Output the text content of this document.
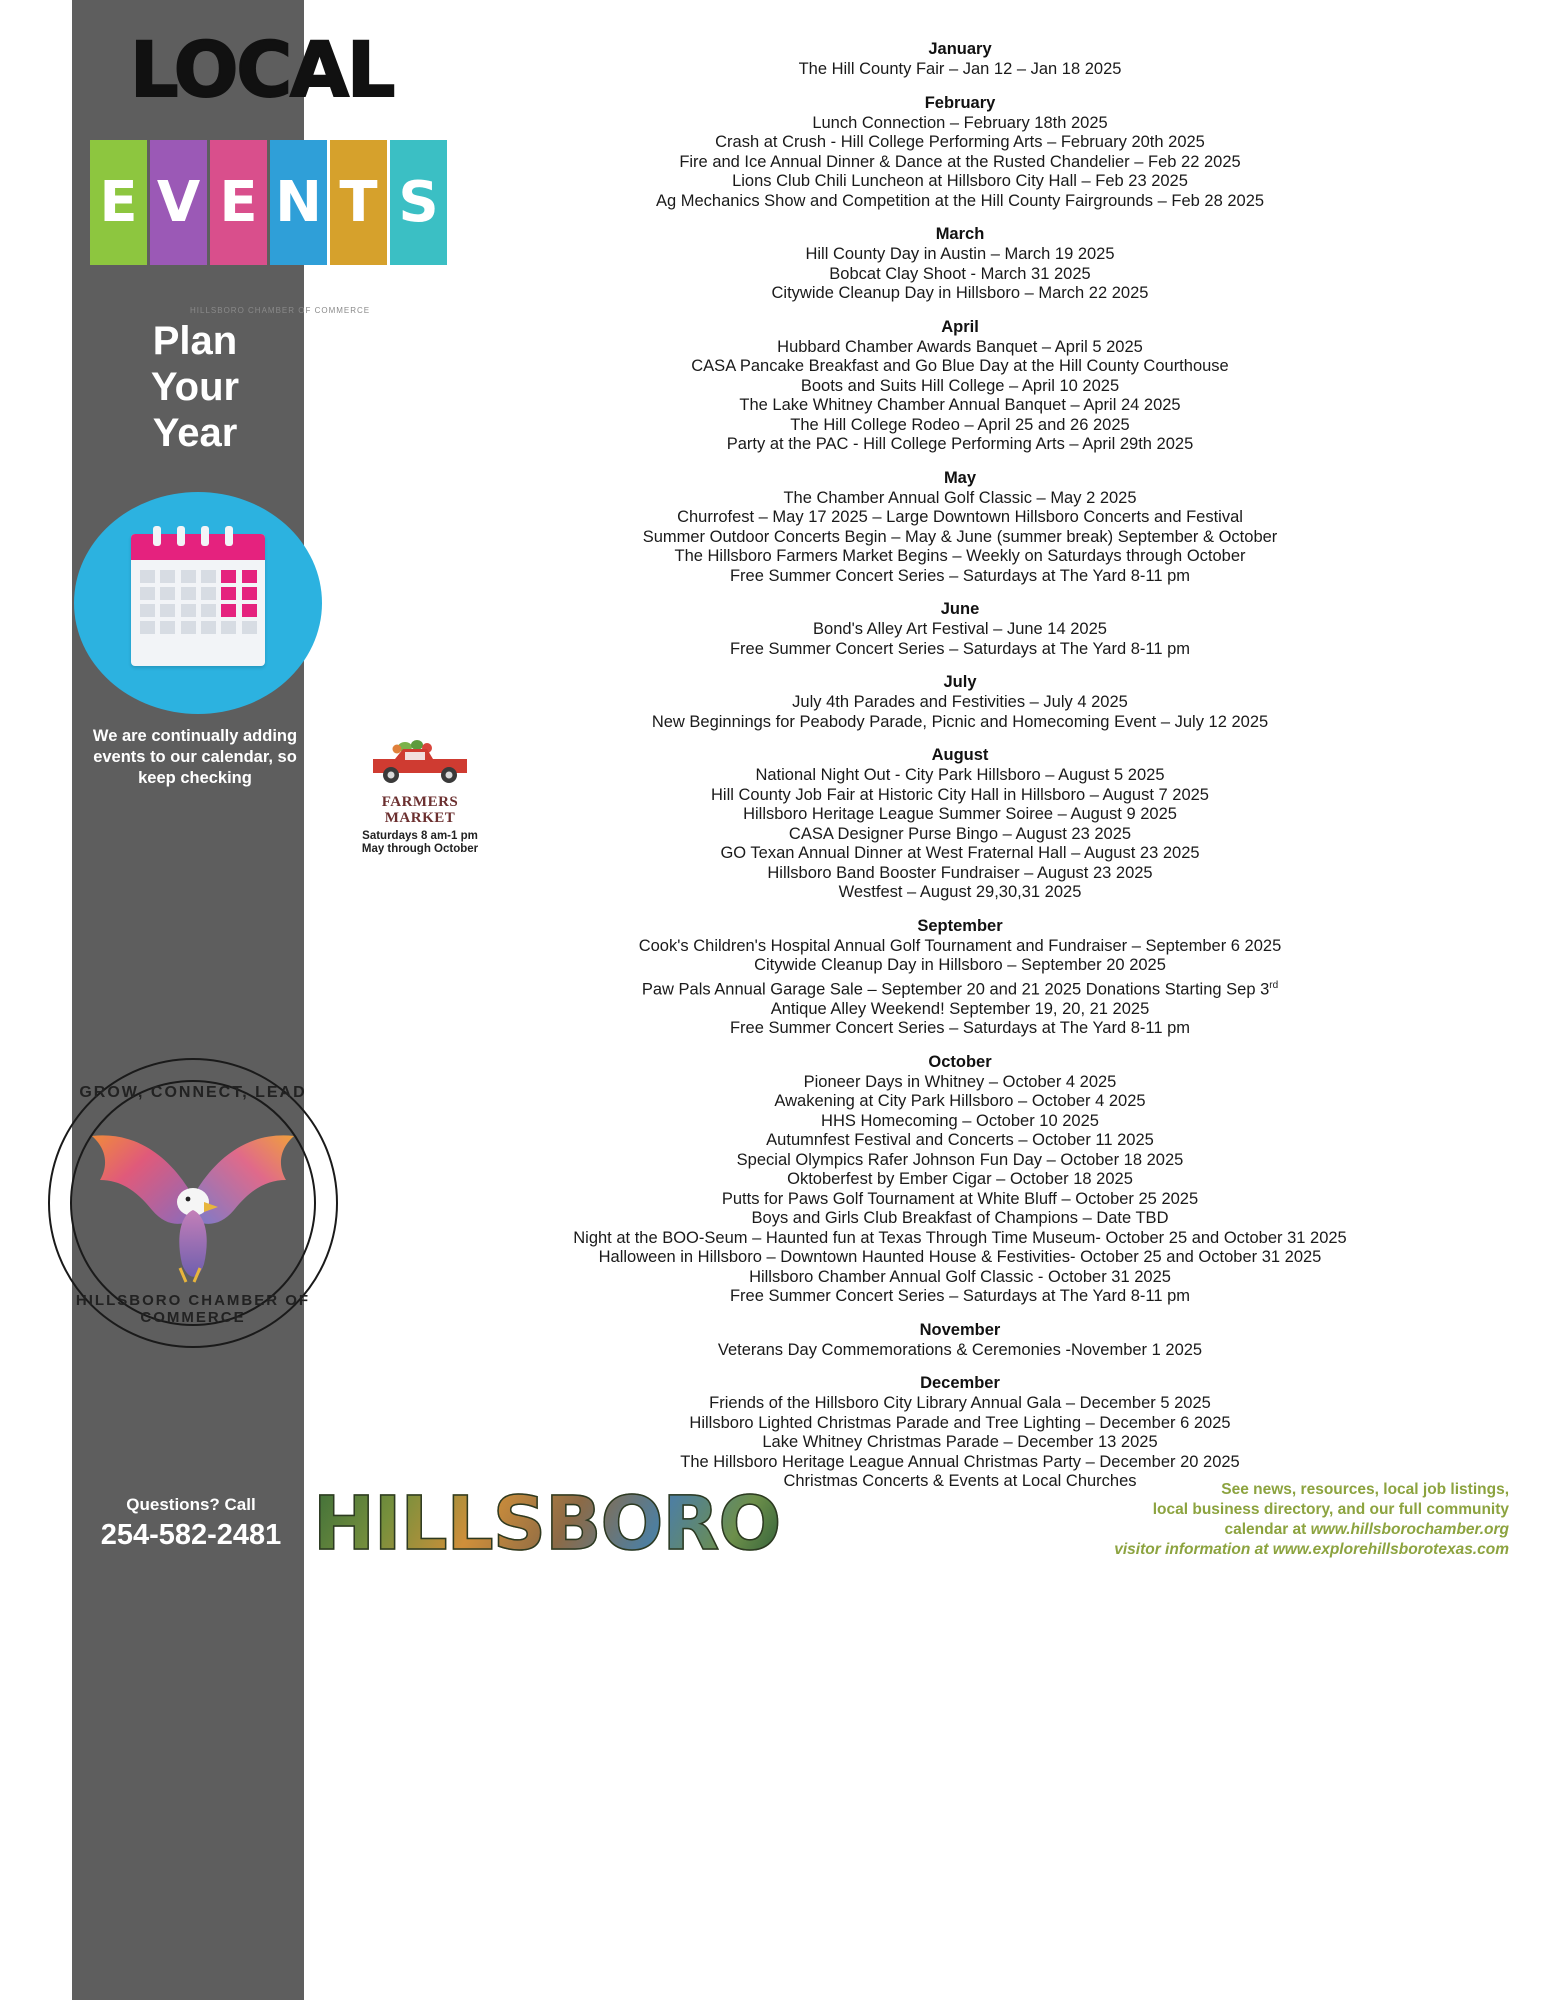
LOCAL
E V E N T S
HILLSBORO CHAMBER OF COMMERCE
Plan
Your
Year
We are continually adding events to our calendar, so keep checking
GROW, CONNECT, LEAD
HILLSBORO CHAMBER OF COMMERCE
Questions? Call
254-582-2481
FARMERS
MARKET
Saturdays 8 am-1 pm
May through October
January
The Hill County Fair – Jan 12 – Jan 18 2025
February
Lunch Connection – February 18th 2025
Crash at Crush - Hill College Performing Arts – February 20th 2025
Fire and Ice Annual Dinner & Dance at the Rusted Chandelier – Feb 22 2025
Lions Club Chili Luncheon at Hillsboro City Hall – Feb 23 2025
Ag Mechanics Show and Competition at the Hill County Fairgrounds – Feb 28 2025
March
Hill County Day in Austin – March 19 2025
Bobcat Clay Shoot - March 31 2025
Citywide Cleanup Day in Hillsboro – March 22 2025
April
Hubbard Chamber Awards Banquet – April 5 2025
CASA Pancake Breakfast and Go Blue Day at the Hill County Courthouse
Boots and Suits Hill College – April 10 2025
The Lake Whitney Chamber Annual Banquet – April 24 2025
The Hill College Rodeo – April 25 and 26 2025
Party at the PAC - Hill College Performing Arts – April 29th 2025
May
The Chamber Annual Golf Classic – May 2 2025
Churrofest – May 17 2025 – Large Downtown Hillsboro Concerts and Festival
Summer Outdoor Concerts Begin – May & June (summer break) September & October
The Hillsboro Farmers Market Begins – Weekly on Saturdays through October
Free Summer Concert Series – Saturdays at The Yard 8-11 pm
June
Bond's Alley Art Festival – June 14 2025
Free Summer Concert Series – Saturdays at The Yard 8-11 pm
July
July 4th Parades and Festivities – July 4 2025
New Beginnings for Peabody Parade, Picnic and Homecoming Event – July 12 2025
August
National Night Out - City Park Hillsboro – August 5 2025
Hill County Job Fair at Historic City Hall in Hillsboro – August 7 2025
Hillsboro Heritage League Summer Soiree – August 9 2025
CASA Designer Purse Bingo – August 23 2025
GO Texan Annual Dinner at West Fraternal Hall – August 23 2025
Hillsboro Band Booster Fundraiser – August 23 2025
Westfest – August 29,30,31 2025
September
Cook's Children's Hospital Annual Golf Tournament and Fundraiser – September 6 2025
Citywide Cleanup Day in Hillsboro – September 20 2025
Paw Pals Annual Garage Sale – September 20 and 21 2025 Donations Starting Sep 3rd
Antique Alley Weekend! September 19, 20, 21 2025
Free Summer Concert Series – Saturdays at The Yard 8-11 pm
October
Pioneer Days in Whitney – October 4 2025
Awakening at City Park Hillsboro – October 4 2025
HHS Homecoming – October 10 2025
Autumnfest Festival and Concerts – October 11 2025
Special Olympics Rafer Johnson Fun Day – October 18 2025
Oktoberfest by Ember Cigar – October 18 2025
Putts for Paws Golf Tournament at White Bluff – October 25 2025
Boys and Girls Club Breakfast of Champions – Date TBD
Night at the BOO-Seum – Haunted fun at Texas Through Time Museum- October 25 and October 31 2025
Halloween in Hillsboro – Downtown Haunted House & Festivities- October 25 and October 31 2025
Hillsboro Chamber Annual Golf Classic - October 31 2025
Free Summer Concert Series – Saturdays at The Yard 8-11 pm
November
Veterans Day Commemorations & Ceremonies -November 1 2025
December
Friends of the Hillsboro City Library Annual Gala – December 5 2025
Hillsboro Lighted Christmas Parade and Tree Lighting – December 6 2025
Lake Whitney Christmas Parade – December 13 2025
The Hillsboro Heritage League Annual Christmas Party – December 20 2025
Christmas Concerts & Events at Local Churches
HILLSBORO	See news, resources, local job listings,
local business directory, and our full community
calendar at www.hillsborochamber.org
visitor information at www.explorehillsborotexas.com
